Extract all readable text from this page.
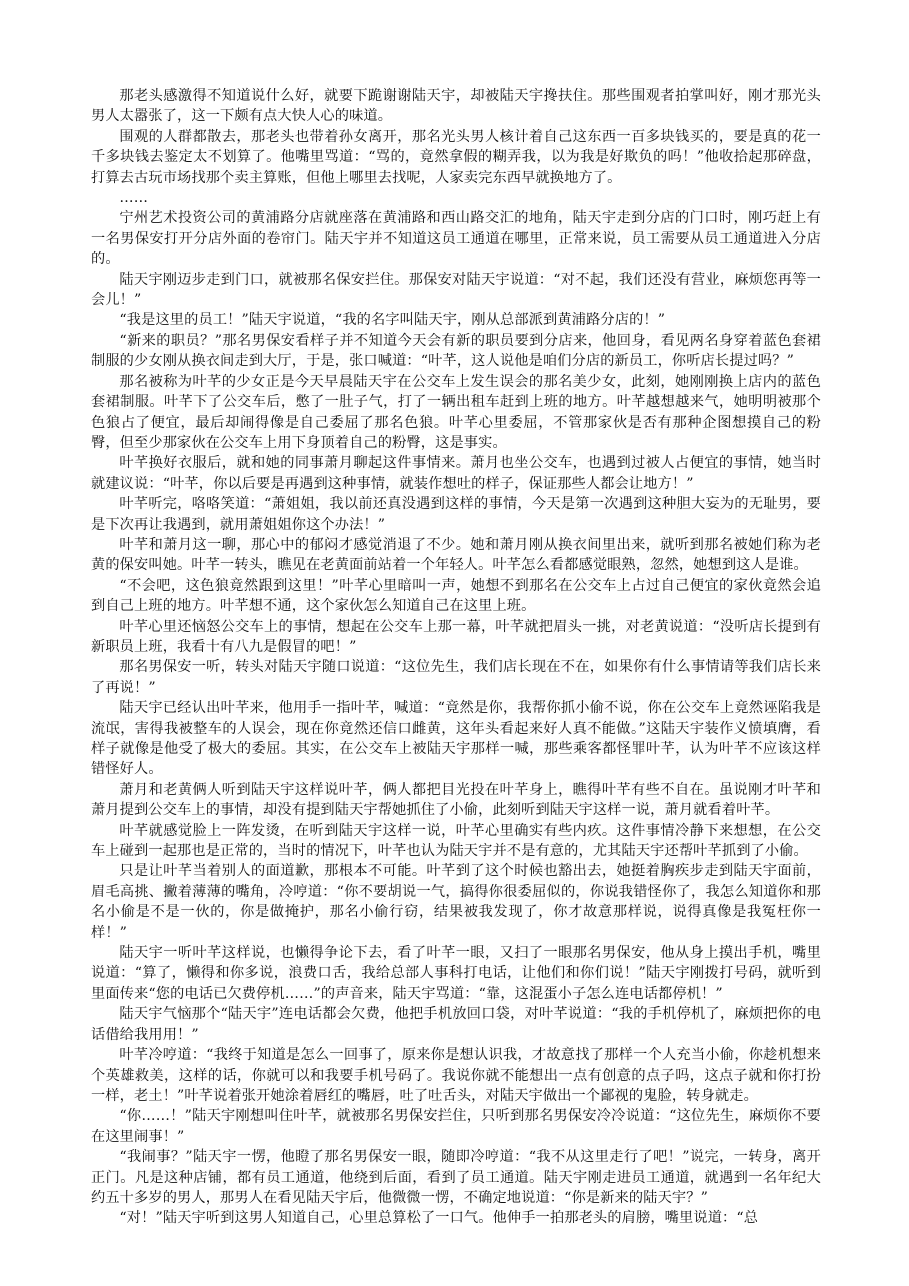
那老头感激得不知道说什么好，就要下跪谢谢陆天宇，却被陆天宇搀扶住。那些围观者拍掌叫好，刚才那光头男人太嚣张了，这一下颇有点大快人心的味道。

围观的人群都散去，那老头也带着孙女离开，那名光头男人核计着自己这东西一百多块钱买的，要是真的花一千多块钱去鉴定太不划算了。他嘴里骂道：“骂的，竟然拿假的糊弄我，以为我是好欺负的吗！”他收拾起那碎盘，打算去古玩市场找那个卖主算账，但他上哪里去找呢，人家卖完东西早就换地方了。

……

宁州艺术投资公司的黄浦路分店就座落在黄浦路和西山路交汇的地角，陆天宇走到分店的门口时，刚巧赶上有一名男保安打开分店外面的卷帘门。陆天宇并不知道这员工通道在哪里，正常来说，员工需要从员工通道进入分店的。

陆天宇刚迈步走到门口，就被那名保安拦住。那保安对陆天宇说道：“对不起，我们还没有营业，麻烦您再等一会儿！”

“我是这里的员工！”陆天宇说道，“我的名字叫陆天宇，刚从总部派到黄浦路分店的！”

“新来的职员？”那名男保安看样子并不知道今天会有新的职员要到分店来，他回身，看见两名身穿着蓝色套裙制服的少女刚从换衣间走到大厅，于是，张口喊道：“叶芊，这人说他是咱们分店的新员工，你听店长提过吗？”

那名被称为叶芊的少女正是今天早晨陆天宇在公交车上发生误会的那名美少女，此刻，她刚刚换上店内的蓝色套裙制服。叶芊下了公交车后，憋了一肚子气，打了一辆出租车赶到上班的地方。叶芊越想越来气，她明明被那个色狼占了便宜，最后却闹得像是自己委屈了那名色狼。叶芊心里委屈，不管那家伙是否有那种企图想摸自己的粉臀，但至少那家伙在公交车上用下身顶着自己的粉臀，这是事实。

叶芊换好衣服后，就和她的同事萧月聊起这件事情来。萧月也坐公交车，也遇到过被人占便宜的事情，她当时就建议说：“叶芊，你以后要是再遇到这种事情，就装作想吐的样子，保证那些人都会让地方！”

叶芊听完，咯咯笑道：“萧姐姐，我以前还真没遇到这样的事情，今天是第一次遇到这种胆大妄为的无耻男，要是下次再让我遇到，就用萧姐姐你这个办法！”

叶芊和萧月这一聊，那心中的郁闷才感觉消退了不少。她和萧月刚从换衣间里出来，就听到那名被她们称为老黄的保安叫她。叶芊一转头，瞧见在老黄面前站着一个年轻人。叶芊怎么看都感觉眼熟，忽然，她想到这人是谁。

“不会吧，这色狼竟然跟到这里！”叶芊心里暗叫一声，她想不到那名在公交车上占过自己便宜的家伙竟然会追到自己上班的地方。叶芊想不通，这个家伙怎么知道自己在这里上班。

叶芊心里还恼怒公交车上的事情，想起在公交车上那一幕，叶芊就把眉头一挑，对老黄说道：“没听店长提到有新职员上班，我看十有八九是假冒的吧！”

那名男保安一听，转头对陆天宇随口说道：“这位先生，我们店长现在不在，如果你有什么事情请等我们店长来了再说！”

陆天宇已经认出叶芊来，他用手一指叶芊，喊道：“竟然是你，我帮你抓小偷不说，你在公交车上竟然诬陷我是流氓，害得我被整车的人误会，现在你竟然还信口雌黄，这年头看起来好人真不能做。”这陆天宇装作义愤填膺，看样子就像是他受了极大的委屈。其实，在公交车上被陆天宇那样一喊，那些乘客都怪罪叶芊，认为叶芊不应该这样错怪好人。

萧月和老黄俩人听到陆天宇这样说叶芊，俩人都把目光投在叶芊身上，瞧得叶芊有些不自在。虽说刚才叶芊和萧月提到公交车上的事情，却没有提到陆天宇帮她抓住了小偷，此刻听到陆天宇这样一说，萧月就看着叶芊。

叶芊就感觉脸上一阵发烫，在听到陆天宇这样一说，叶芊心里确实有些内疚。这件事情冷静下来想想，在公交车上碰到一起那也是正常的，当时的情况下，叶芊也认为陆天宇并不是有意的，尤其陆天宇还帮叶芊抓到了小偷。

只是让叶芊当着别人的面道歉，那根本不可能。叶芊到了这个时候也豁出去，她挺着胸疾步走到陆天宇面前，眉毛高挑、撇着薄薄的嘴角，冷哼道：“你不要胡说一气，搞得你很委屈似的，你说我错怪你了，我怎么知道你和那名小偷是不是一伙的，你是做掩护，那名小偷行窃，结果被我发现了，你才故意那样说，说得真像是我冤枉你一样！”

陆天宇一听叶芊这样说，也懒得争论下去，看了叶芊一眼，又扫了一眼那名男保安，他从身上摸出手机，嘴里说道：“算了，懒得和你多说，浪费口舌，我给总部人事科打电话，让他们和你们说！”陆天宇刚拨打号码，就听到里面传来“您的电话已欠费停机……”的声音来，陆天宇骂道：“靠，这混蛋小子怎么连电话都停机！”

陆天宇气恼那个“陆天宇”连电话都会欠费，他把手机放回口袋，对叶芊说道：“我的手机停机了，麻烦把你的电话借给我用用！”

叶芊冷哼道：“我终于知道是怎么一回事了，原来你是想认识我，才故意找了那样一个人充当小偷，你趁机想来个英雄救美，这样的话，你就可以和我要手机号码了。我说你就不能想出一点有创意的点子吗，这点子就和你打扮一样，老土！”叶芊说着张开她涂着唇红的嘴唇，吐了吐舌头，对陆天宇做出一个鄙视的鬼脸，转身就走。

“你……！”陆天宇刚想叫住叶芊，就被那名男保安拦住，只听到那名男保安冷冷说道：“这位先生，麻烦你不要在这里闹事！”

“我闹事？”陆天宇一愣，他瞪了那名男保安一眼，随即冷哼道：“我不从这里走行了吧！”说完，一转身，离开正门。凡是这种店铺，都有员工通道，他绕到后面，看到了员工通道。陆天宇刚走进员工通道，就遇到一名年纪大约五十多岁的男人，那男人在看见陆天宇后，他微微一愣，不确定地说道：“你是新来的陆天宇？”

“对！”陆天宇听到这男人知道自己，心里总算松了一口气。他伸手一拍那老头的肩膀，嘴里说道：“总
